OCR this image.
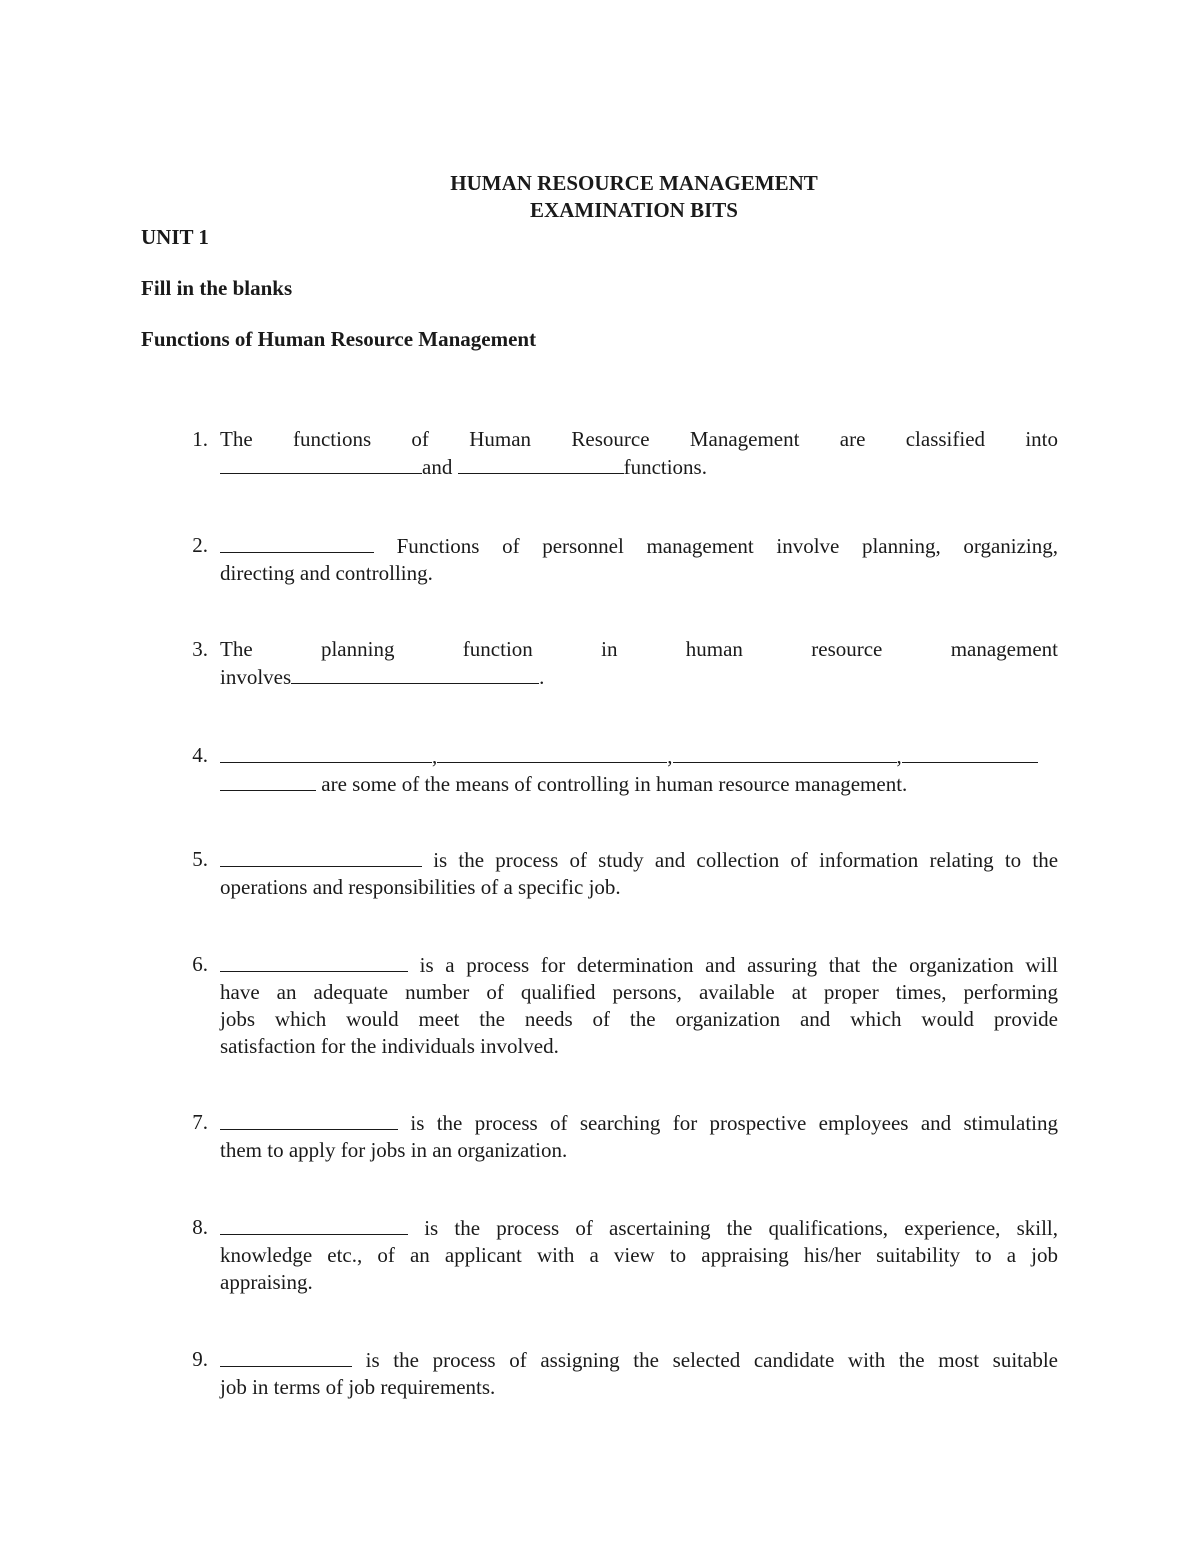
HUMAN RESOURCE MANAGEMENT
EXAMINATION BITS
UNIT 1
Fill in the blanks
Functions of Human Resource Management
1. The functions of Human Resource Management are classified into

and	functions.

2.	Functions of personnel management involve planning, organizing,

directing and controlling.

3. The planning function in human resource management

involves	.

4.	,	,	,

are some of the means of controlling in human resource management.

5.	is the process of study and collection of information relating to the

operations and responsibilities of a specific job.

6.	is a process for determination and assuring that the organization will

have an adequate number of qualified persons, available at proper times, performing

jobs which would meet the needs of the organization and which would provide

satisfaction for the individuals involved.

7.	is the process of searching for prospective employees and stimulating

them to apply for jobs in an organization.

8.	is the process of ascertaining the qualifications, experience, skill,

knowledge etc., of an applicant with a view to appraising his/her suitability to a job

appraising.

9.	is the process of assigning the selected candidate with the most suitable

job in terms of job requirements.
